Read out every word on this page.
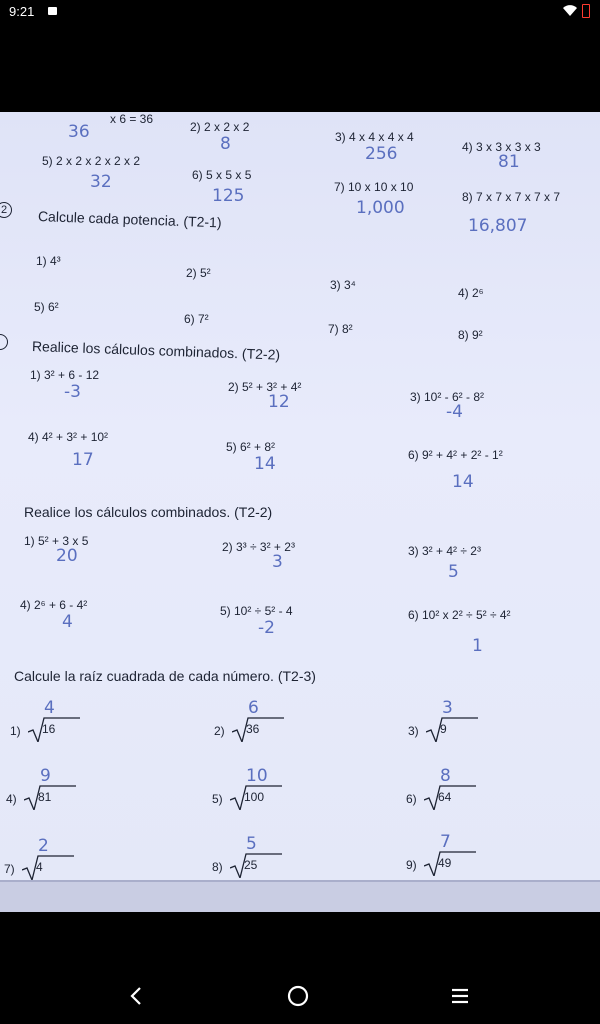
9:21
x 6 = 36
36	2) 2 x 2 x 2
8	3) 4 x 4 x 4 x 4
256	4) 3 x 3 x 3 x 3
81
5) 2 x 2 x 2 x 2 x 2
32	6) 5 x 5 x 5
125	7) 10 x 10 x 10
1,000
8) 7 x 7 x 7 x 7 x 7
16,807
2	Calcule cada potencia. (T2-1)
1) 4³
2) 5²
3) 3⁴
4) 2⁶
5) 6²
6) 7²
7) 8²	8) 9²
Realice los cálculos combinados. (T2-2)
1) 3² + 6 - 12
-3	2) 5² + 3² + 4²
12	3) 10² - 6² - 8²
-4
4) 4² + 3² + 10²
17
5) 6² + 8²
14	6) 9² + 4² + 2² - 1²
14
Realice los cálculos combinados. (T2-2)
1) 5² + 3 x 5
20	2) 3³ ÷ 3² + 2³
3
3) 3² + 4² ÷ 2³
5
4) 2⁶ + 6 - 4²
4
5) 10² ÷ 5² - 4
-2
6) 10² x 2² ÷ 5² ÷ 4²
1
Calcule la raíz cuadrada de cada número. (T2-3)
1) 16
4
2) 36
6
3) 9
3
4) 81
9
5) 100
10
6) 64
8
7) 4
2
8) 25
5
9) 49
7
